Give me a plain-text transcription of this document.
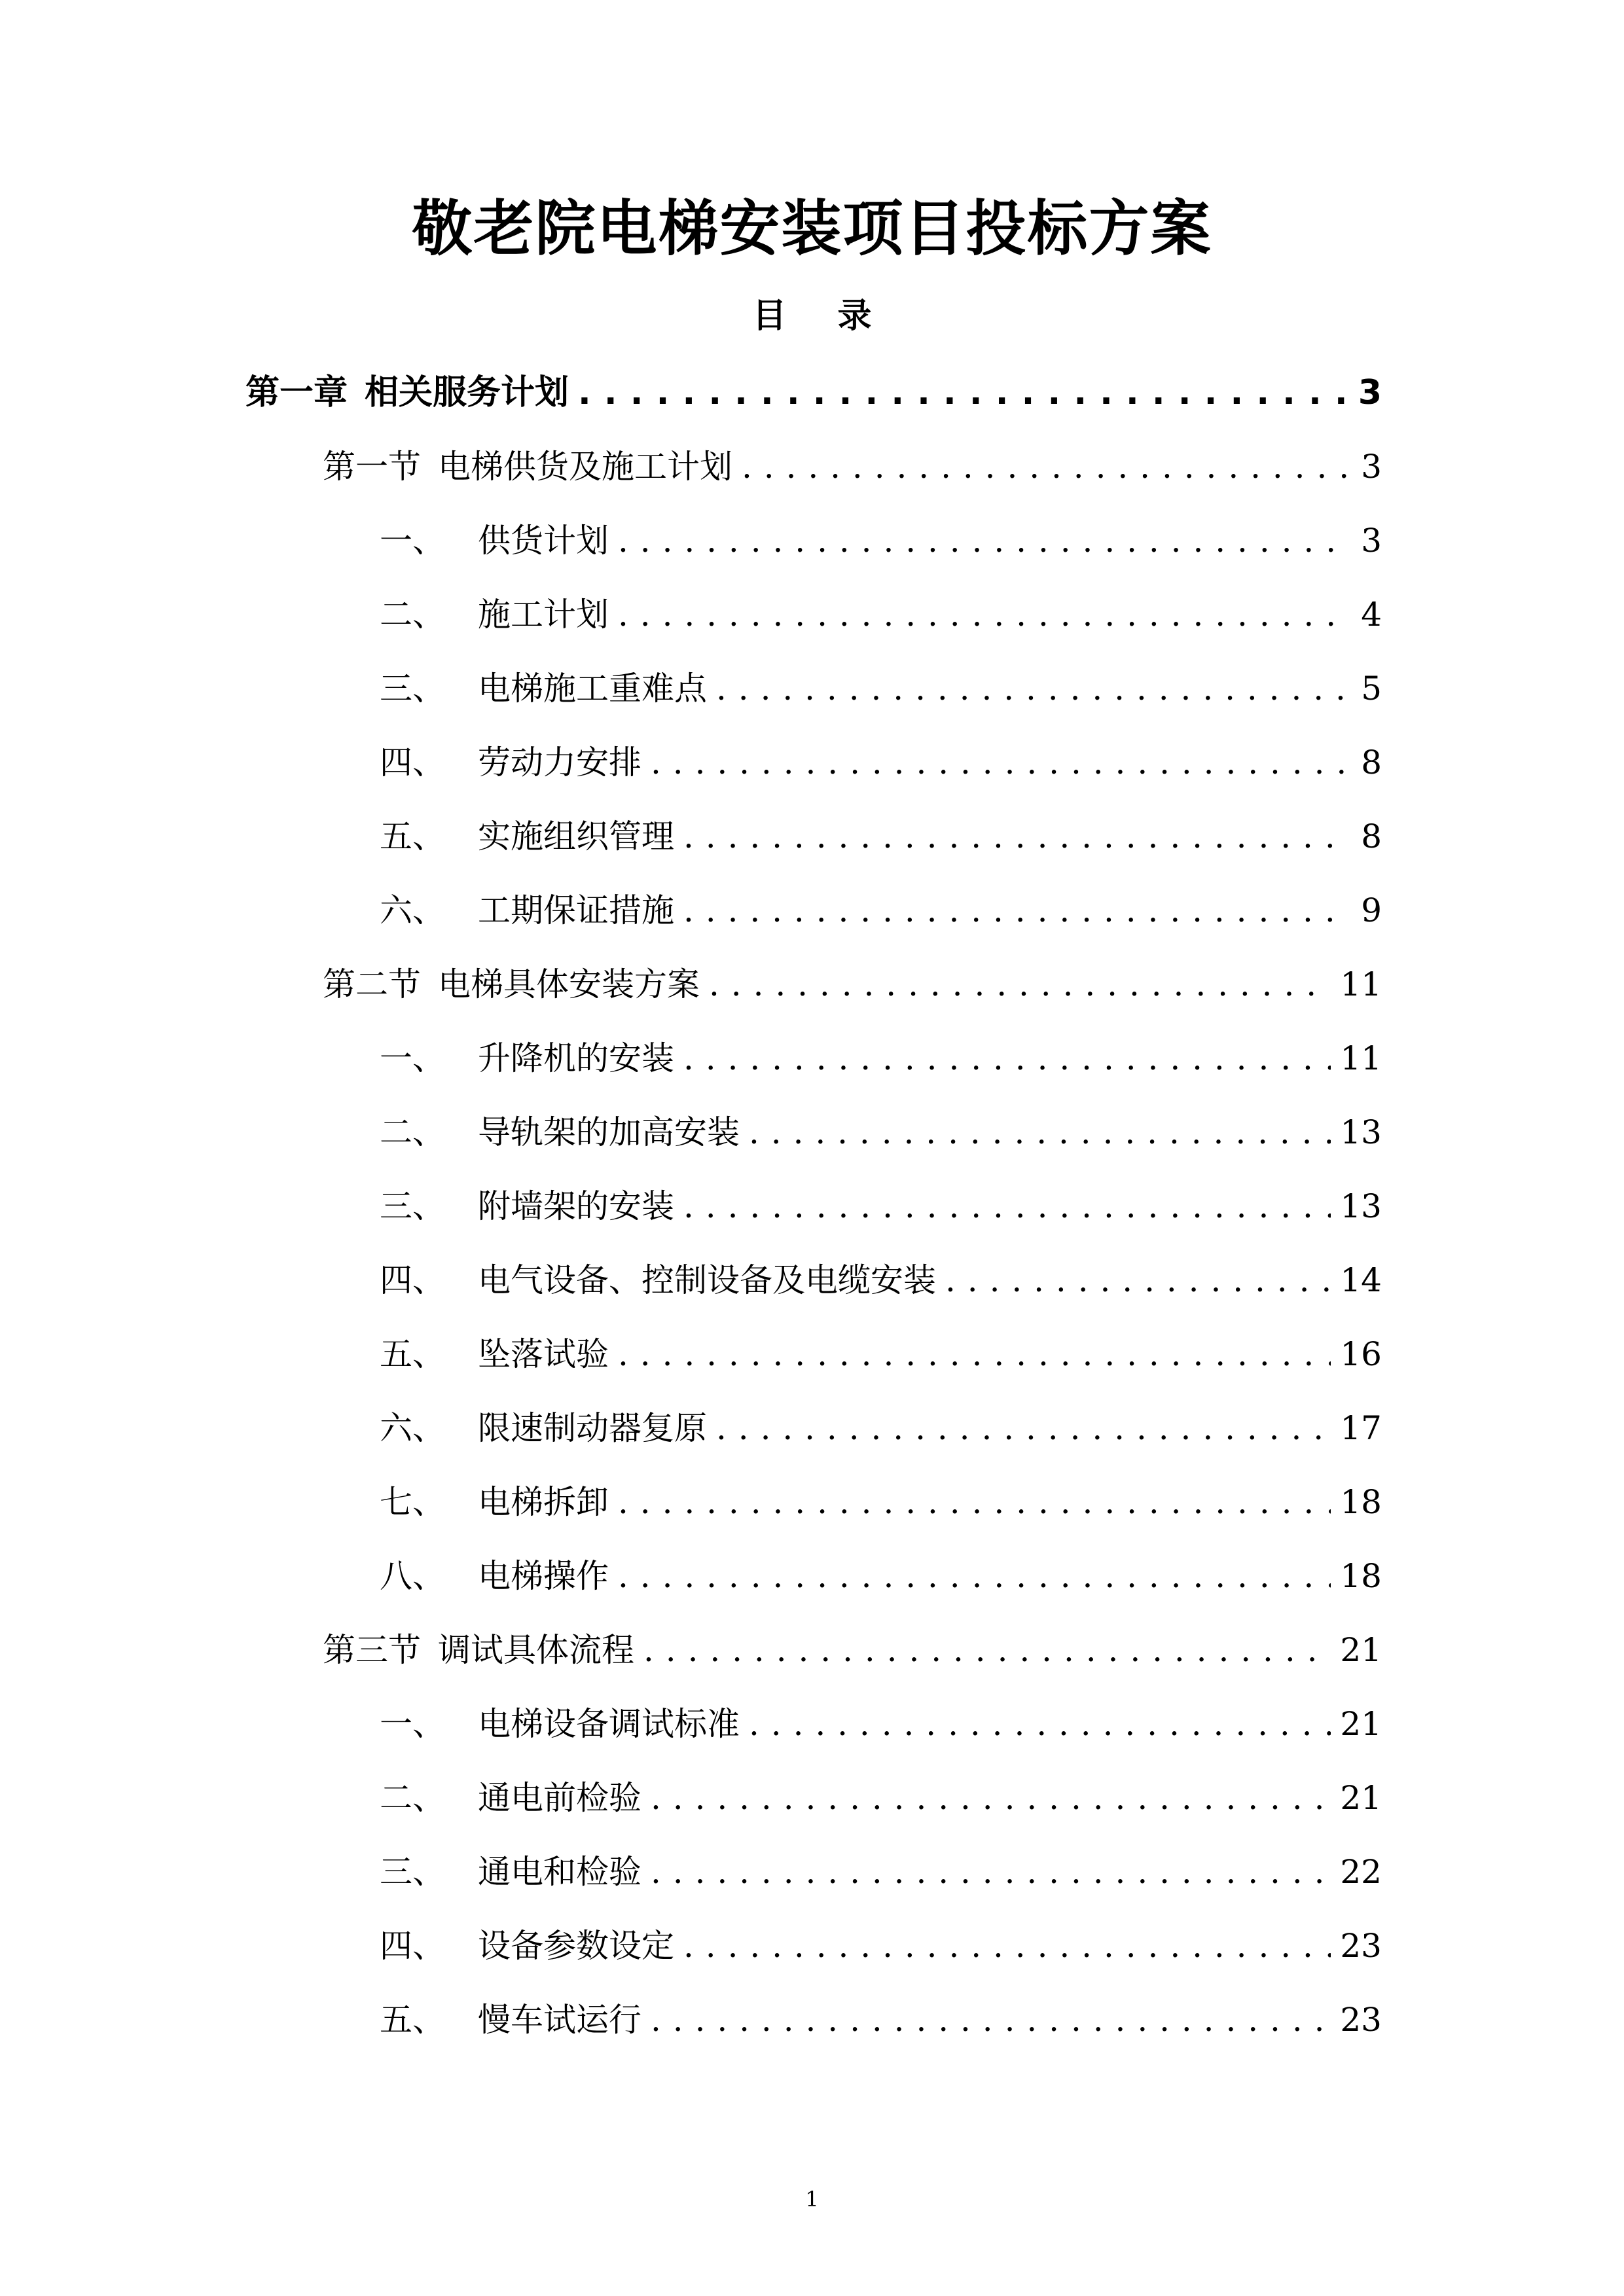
敬老院电梯安装项目投标方案
目 录
第一章 相关服务计划 . . .	3
第一节 电梯供货及施工计划 . . .	3
一、	供货计划 . . .	3
二、	施工计划 . . .	4
三、	电梯施工重难点 . . .	5
四、	劳动力安排 . . .	8
五、	实施组织管理 . . .	8
六、	工期保证措施 . . .	9
第二节 电梯具体安装方案 . . .	11
一、	升降机的安装 . . .	11
二、	导轨架的加高安装 . . .	13
三、	附墙架的安装 . . .	13
四、	电气设备、控制设备及电缆安装 . . .	14
五、	坠落试验 . . .	16
六、	限速制动器复原 . . .	17
七、	电梯拆卸 . . .	18
八、	电梯操作 . . .	18
第三节 调试具体流程 . . .	21
一、	电梯设备调试标准 . . .	21
二、	通电前检验 . . .	21
三、	通电和检验 . . .	22
四、	设备参数设定 . . .	23
五、	慢车试运行 . . .	23
1
